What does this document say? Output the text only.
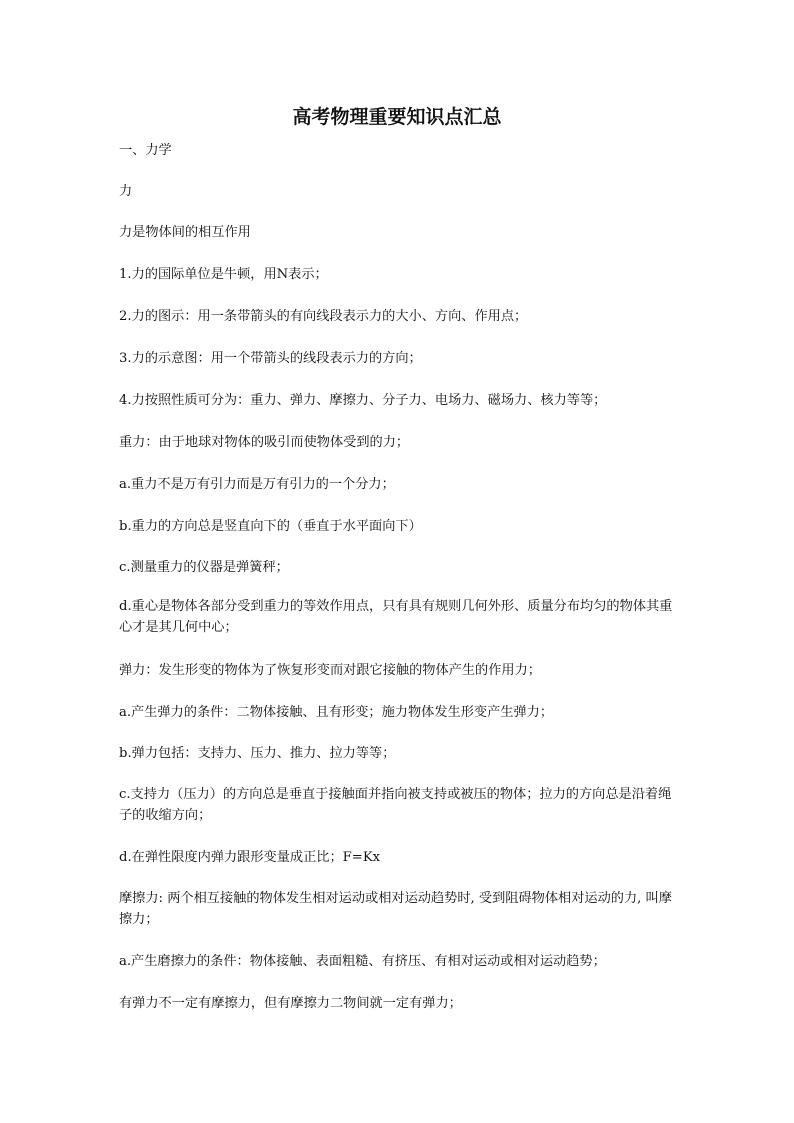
高考物理重要知识点汇总
一、力学
力
力是物体间的相互作用
1.力的国际单位是牛顿，用N表示；
2.力的图示：用一条带箭头的有向线段表示力的大小、方向、作用点；
3.力的示意图：用一个带箭头的线段表示力的方向；
4.力按照性质可分为：重力、弹力、摩擦力、分子力、电场力、磁场力、核力等等；
重力：由于地球对物体的吸引而使物体受到的力；
a.重力不是万有引力而是万有引力的一个分力；
b.重力的方向总是竖直向下的（垂直于水平面向下）
c.测量重力的仪器是弹簧秤；
d.重心是物体各部分受到重力的等效作用点，只有具有规则几何外形、质量分布均匀的物体其重心才是其几何中心；
弹力：发生形变的物体为了恢复形变而对跟它接触的物体产生的作用力；
a.产生弹力的条件：二物体接触、且有形变；施力物体发生形变产生弹力；
b.弹力包括：支持力、压力、推力、拉力等等；
c.支持力（压力）的方向总是垂直于接触面并指向被支持或被压的物体；拉力的方向总是沿着绳子的收缩方向；
d.在弹性限度内弹力跟形变量成正比；F=Kx
摩擦力: 两个相互接触的物体发生相对运动或相对运动趋势时, 受到阻碍物体相对运动的力, 叫摩擦力；
a.产生磨擦力的条件：物体接触、表面粗糙、有挤压、有相对运动或相对运动趋势；
有弹力不一定有摩擦力，但有摩擦力二物间就一定有弹力；
